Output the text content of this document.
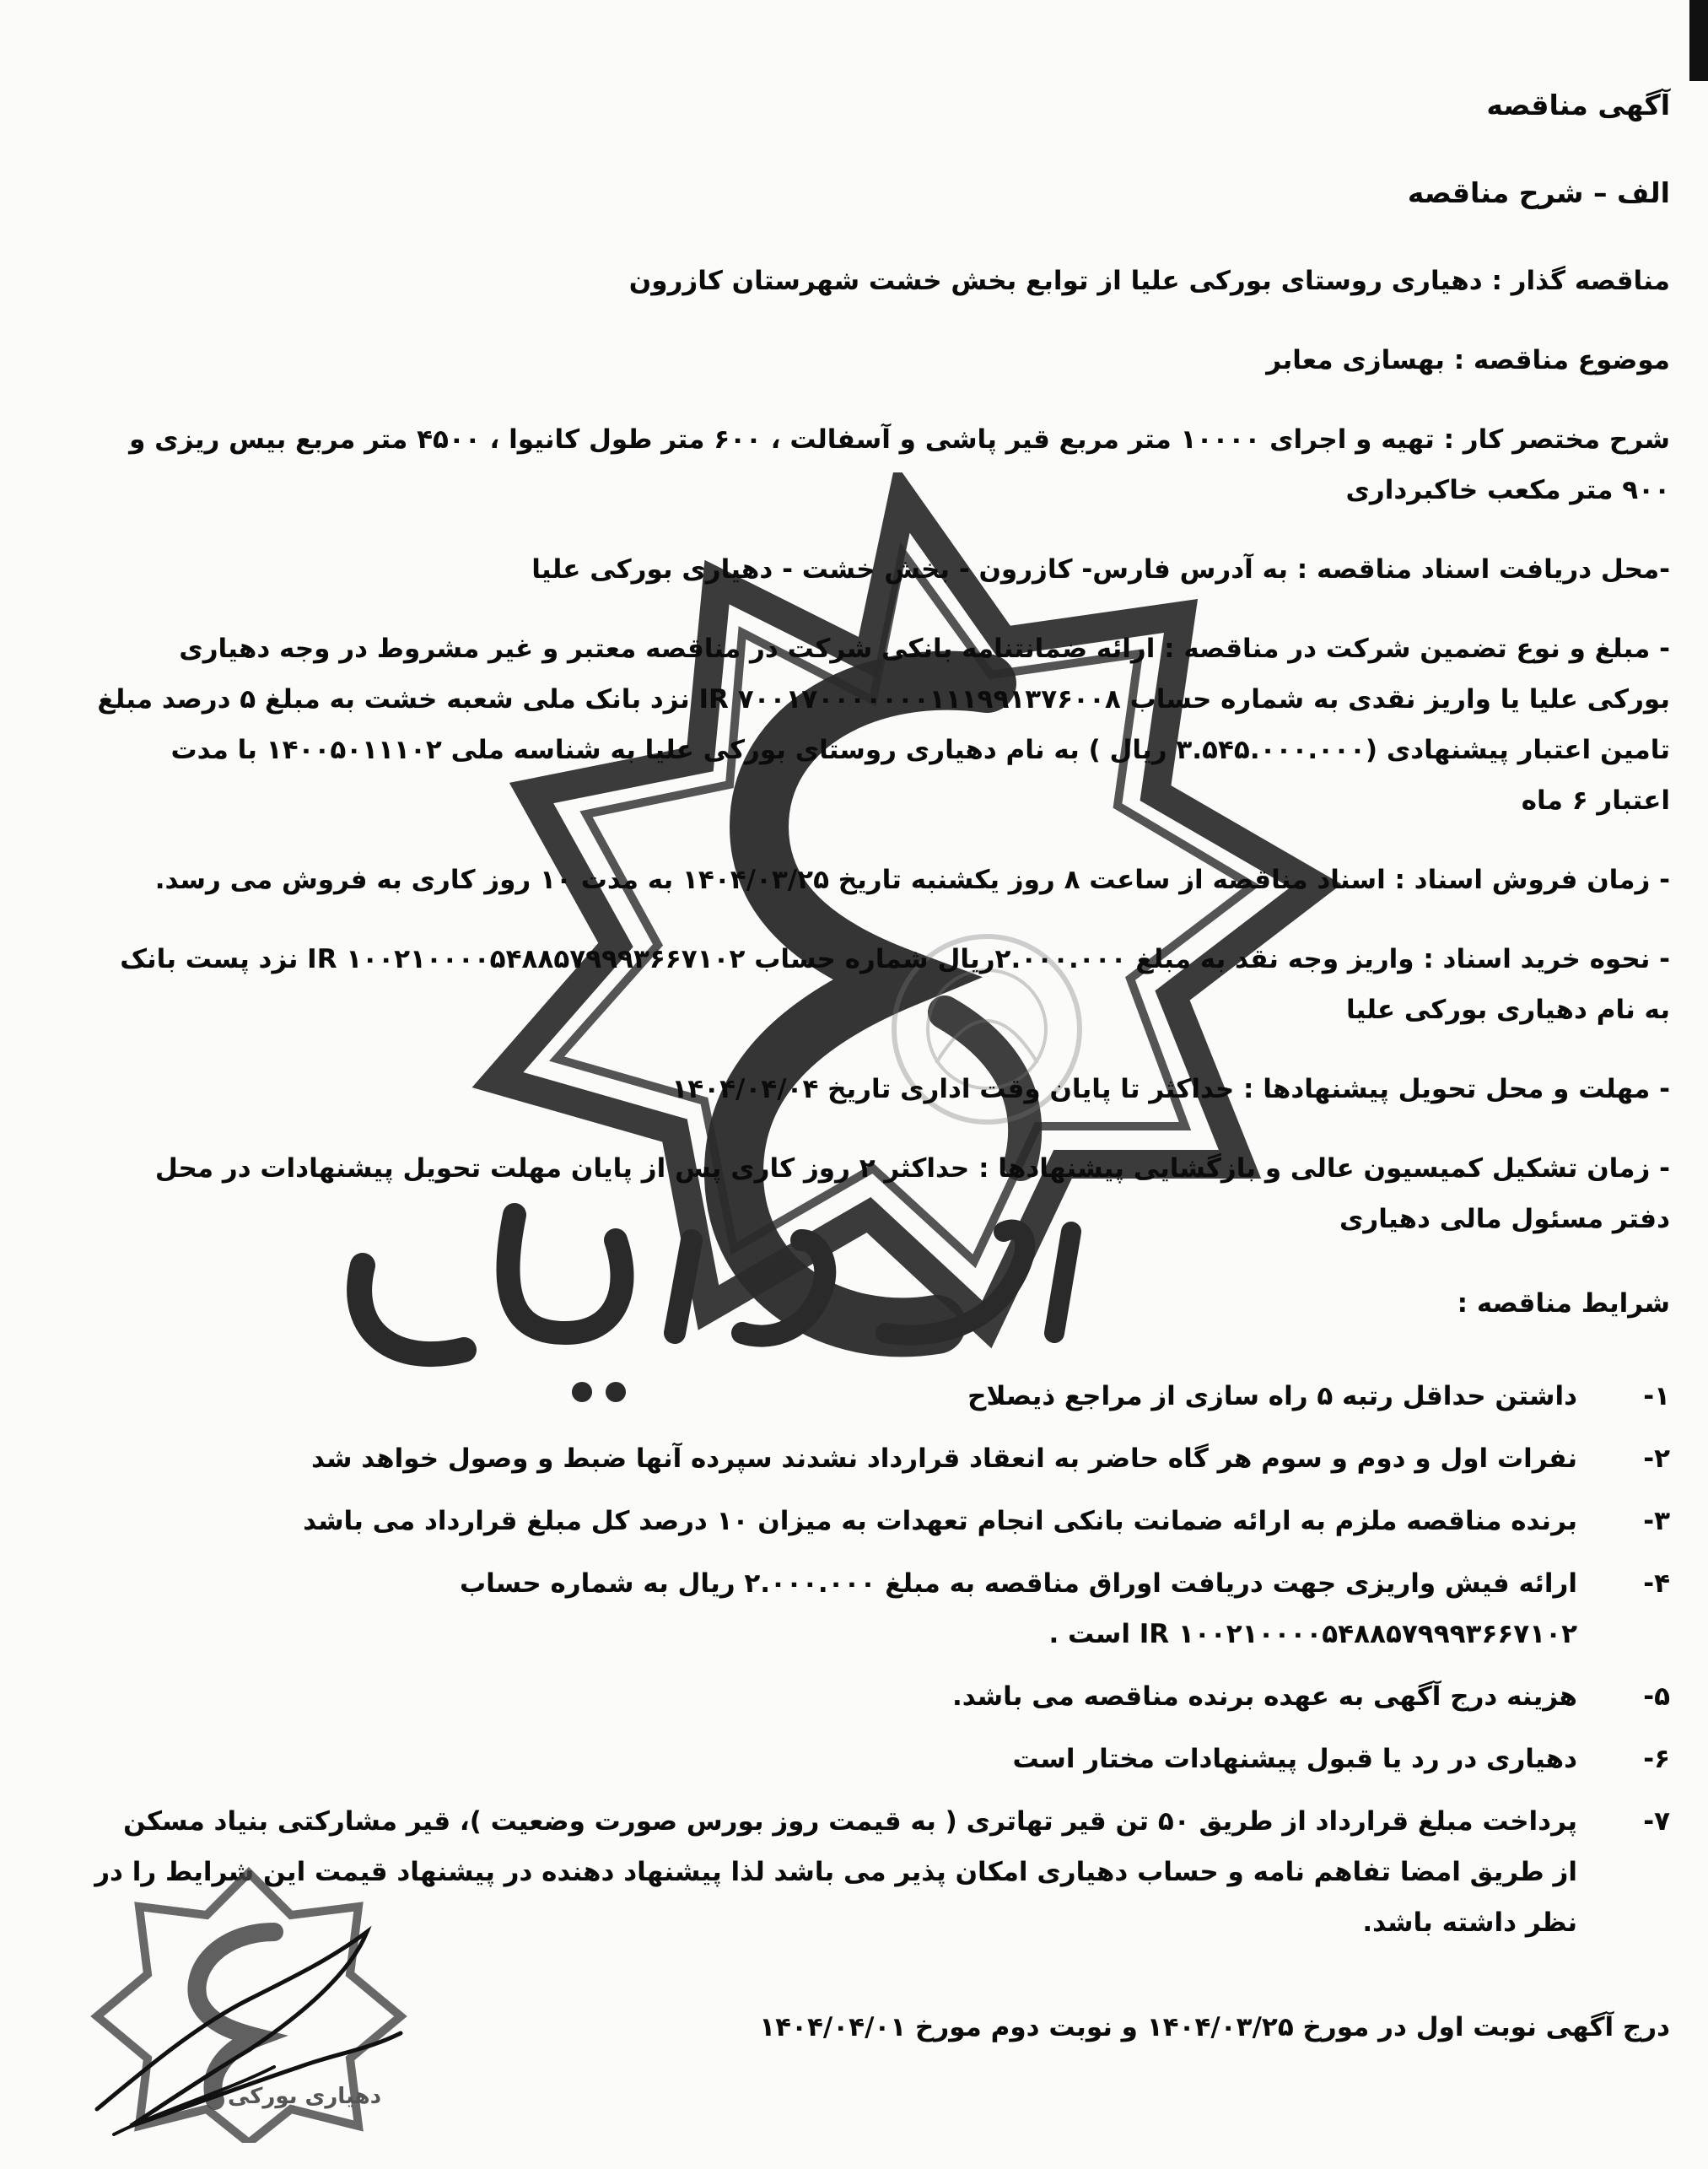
آگهی مناقصه

الف – شرح مناقصه

مناقصه گذار : دهیاری روستای بورکی علیا از توابع بخش خشت شهرستان کازرون

موضوع مناقصه : بهسازی معابر

شرح مختصر کار : تهیه و اجرای ۱۰۰۰۰ متر مربع قیر پاشی و آسفالت ، ۶۰۰ متر طول کانیوا ، ۴۵۰۰ متر مربع بیس ریزی و ۹۰۰ متر مکعب خاکبرداری

-محل دریافت اسناد مناقصه : به آدرس فارس- کازرون - بخش خشت - دهیاری بورکی علیا

- مبلغ و نوع تضمین شرکت در مناقصه : ارائه ضمانتنامه بانکی شرکت در مناقصه معتبر و غیر مشروط در وجه دهیاری بورکی علیا یا واریز نقدی به شماره حساب ۷۰۰۱۷۰۰۰۰۰۰۰۱۱۱۹۹۱۳۷۶۰۰۸ IR نزد بانک ملی شعبه خشت به مبلغ ۵ درصد مبلغ تامین اعتبار پیشنهادی (۳.۵۴۵.۰۰۰.۰۰۰ ریال ) به نام دهیاری روستای بورکی علیا به شناسه ملی ۱۴۰۰۵۰۱۱۱۰۲ با مدت اعتبار ۶ ماه

- زمان فروش اسناد : اسناد مناقصه از ساعت ۸ روز یکشنبه تاریخ ۱۴۰۴/۰۳/۲۵ به مدت ۱۰ روز کاری به فروش می رسد.

- نحوه خرید اسناد : واریز وجه نقد به مبلغ ۲.۰۰۰.۰۰۰ریال شماره حساب ۱۰۰۲۱۰۰۰۰۵۴۸۸۵۷۹۹۹۳۶۶۷۱۰۲ IR نزد پست بانک به نام دهیاری بورکی علیا

- مهلت و محل تحویل پیشنهادها : حداکثر تا پایان وقت اداری تاریخ ۱۴۰۴/۰۴/۰۴

- زمان تشکیل کمیسیون عالی و بازگشایی پیشنهادها : حداکثر ۲ روز کاری پس از پایان مهلت تحویل پیشنهادات در محل دفتر مسئول مالی دهیاری

شرایط مناقصه :

۱-
داشتن حداقل رتبه ۵ راه سازی از مراجع ذیصلاح
۲-
نفرات اول و دوم و سوم هر گاه حاضر به انعقاد قرارداد نشدند سپرده آنها ضبط و وصول خواهد شد
۳-
برنده مناقصه ملزم به ارائه ضمانت بانکی انجام تعهدات به میزان ۱۰ درصد کل مبلغ قرارداد می باشد
۴-
ارائه فیش واریزی جهت دریافت اوراق مناقصه به مبلغ ۲.۰۰۰.۰۰۰ ریال به شماره حساب ۱۰۰۲۱۰۰۰۰۵۴۸۸۵۷۹۹۹۳۶۶۷۱۰۲ IR است .
۵-
هزینه درج آگهی به عهده برنده مناقصه می باشد.
۶-
دهیاری در رد یا قبول پیشنهادات مختار است
۷-
پرداخت مبلغ قرارداد از طریق ۵۰ تن قیر تهاتری ( به قیمت روز بورس صورت وضعیت )، قیر مشارکتی بنیاد مسکن از طریق امضا تفاهم نامه و حساب دهیاری امکان پذیر می باشد لذا پیشنهاد دهنده در پیشنهاد قیمت این شرایط را در نظر داشته باشد.

درج آگهی نوبت اول در مورخ ۱۴۰۴/۰۳/۲۵ و نوبت دوم مورخ ۱۴۰۴/۰۴/۰۱

دهیاری بورکی
